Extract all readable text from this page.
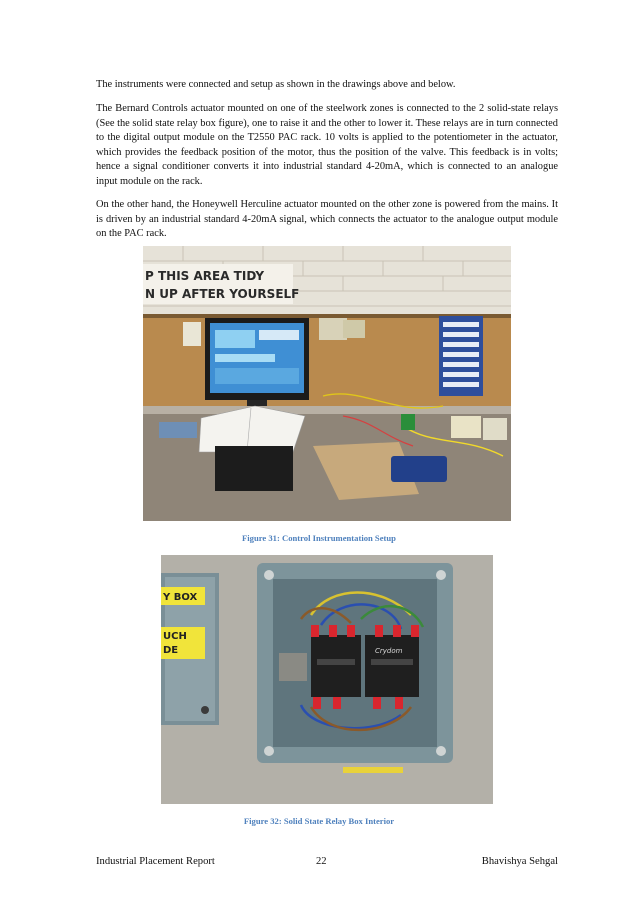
The instruments were connected and setup as shown in the drawings above and below.

The Bernard Controls actuator mounted on one of the steelwork zones is connected to the 2 solid-state relays (See the solid state relay box figure), one to raise it and the other to lower it. These relays are in turn connected to the digital output module on the T2550 PAC rack. 10 volts is applied to the potentiometer in the actuator, which provides the feedback position of the motor, thus the position of the valve. This feedback is in volts; hence a signal conditioner converts it into industrial standard 4-20mA, which is connected to an analogue input module on the rack.

On the other hand, the Honeywell Herculine actuator mounted on the other zone is powered from the mains. It is driven by an industrial standard 4-20mA signal, which connects the actuator to the analogue output module on the PAC rack.

P THIS AREA TIDY
N UP AFTER YOURSELF
Figure 31: Control Instrumentation Setup
Y BOX
UCH
DE	Crydom
Figure 32: Solid State Relay Box Interior
Industrial Placement Report	22	Bhavishya Sehgal
